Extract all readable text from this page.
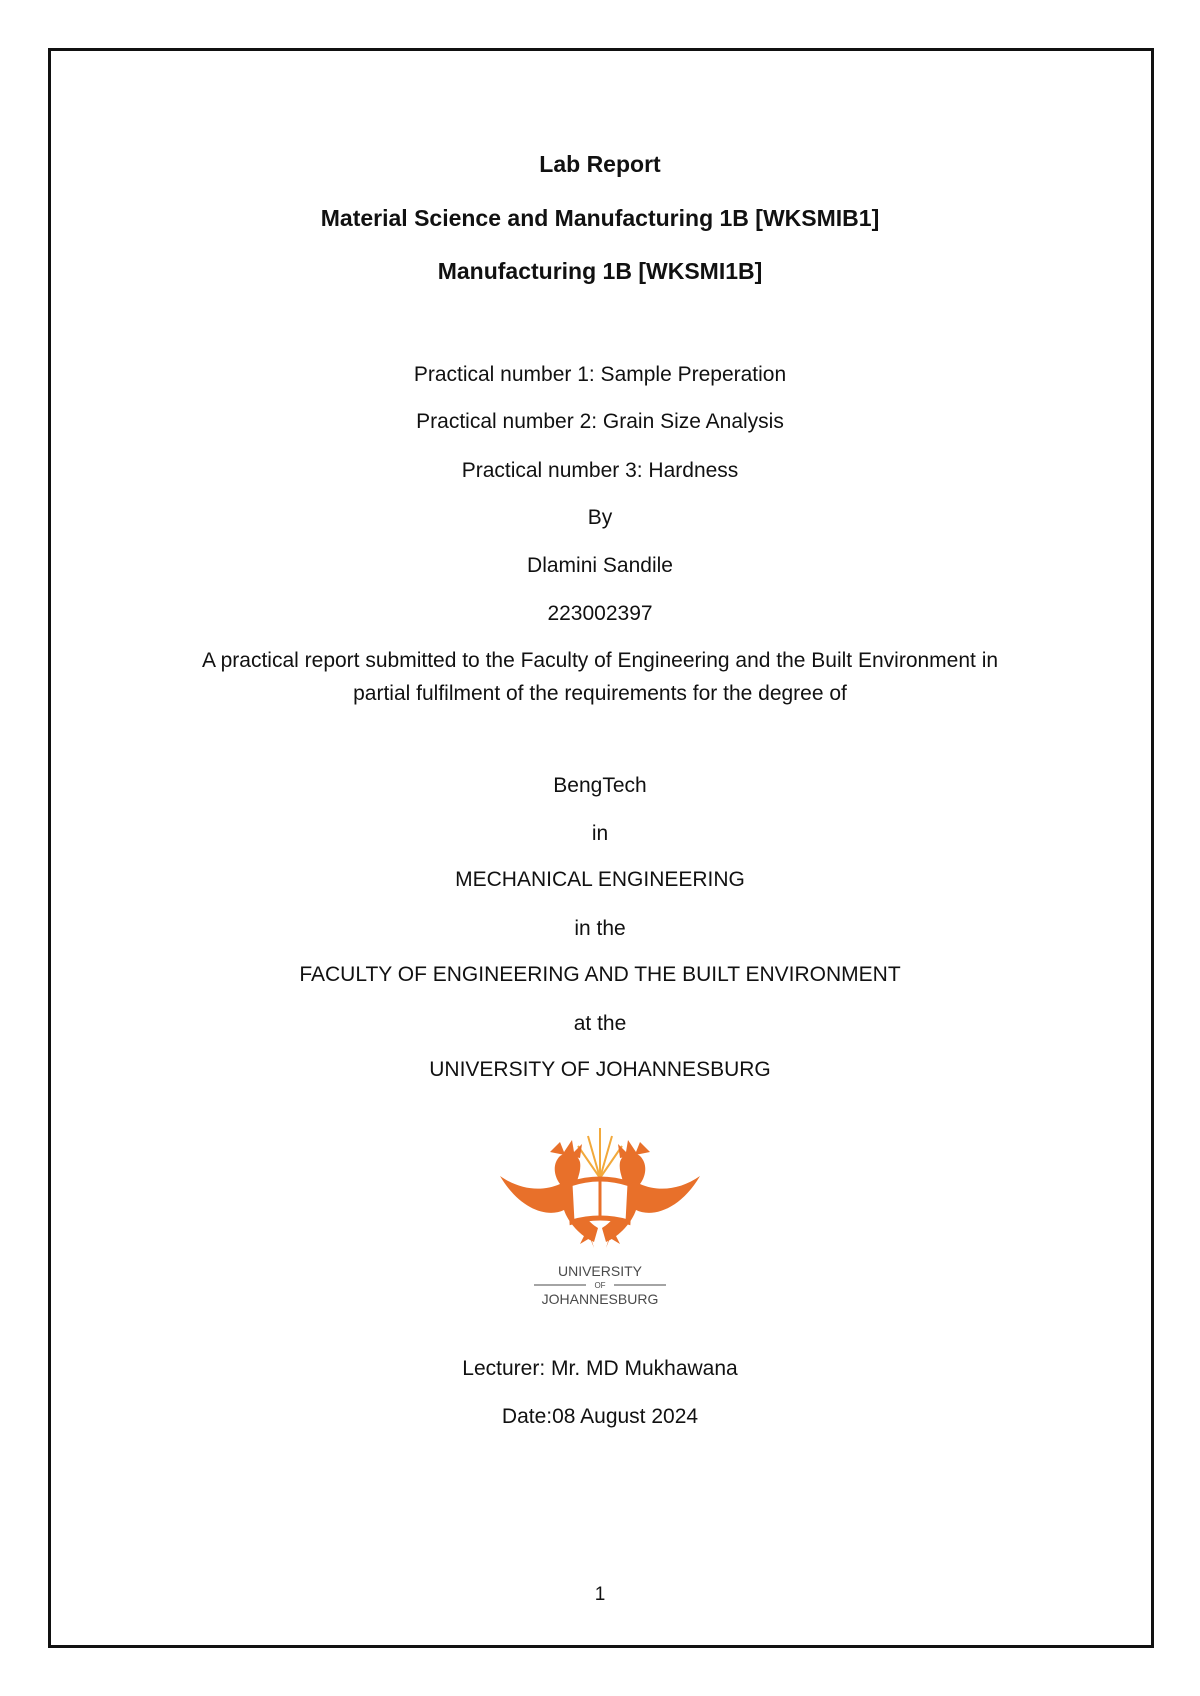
Lab Report
Material Science and Manufacturing 1B [WKSMIB1]
Manufacturing 1B [WKSMI1B]
Practical number 1: Sample Preperation
Practical number 2: Grain Size Analysis
Practical number 3: Hardness
By
Dlamini Sandile
223002397
A practical report submitted to the Faculty of Engineering and the Built Environment in
partial fulfilment of the requirements for the degree of
BengTech
in
MECHANICAL ENGINEERING
in the
FACULTY OF ENGINEERING AND THE BUILT ENVIRONMENT
at the
UNIVERSITY OF JOHANNESBURG
UNIVERSITY
OF
JOHANNESBURG
Lecturer: Mr. MD Mukhawana
Date:08 August 2024
1
